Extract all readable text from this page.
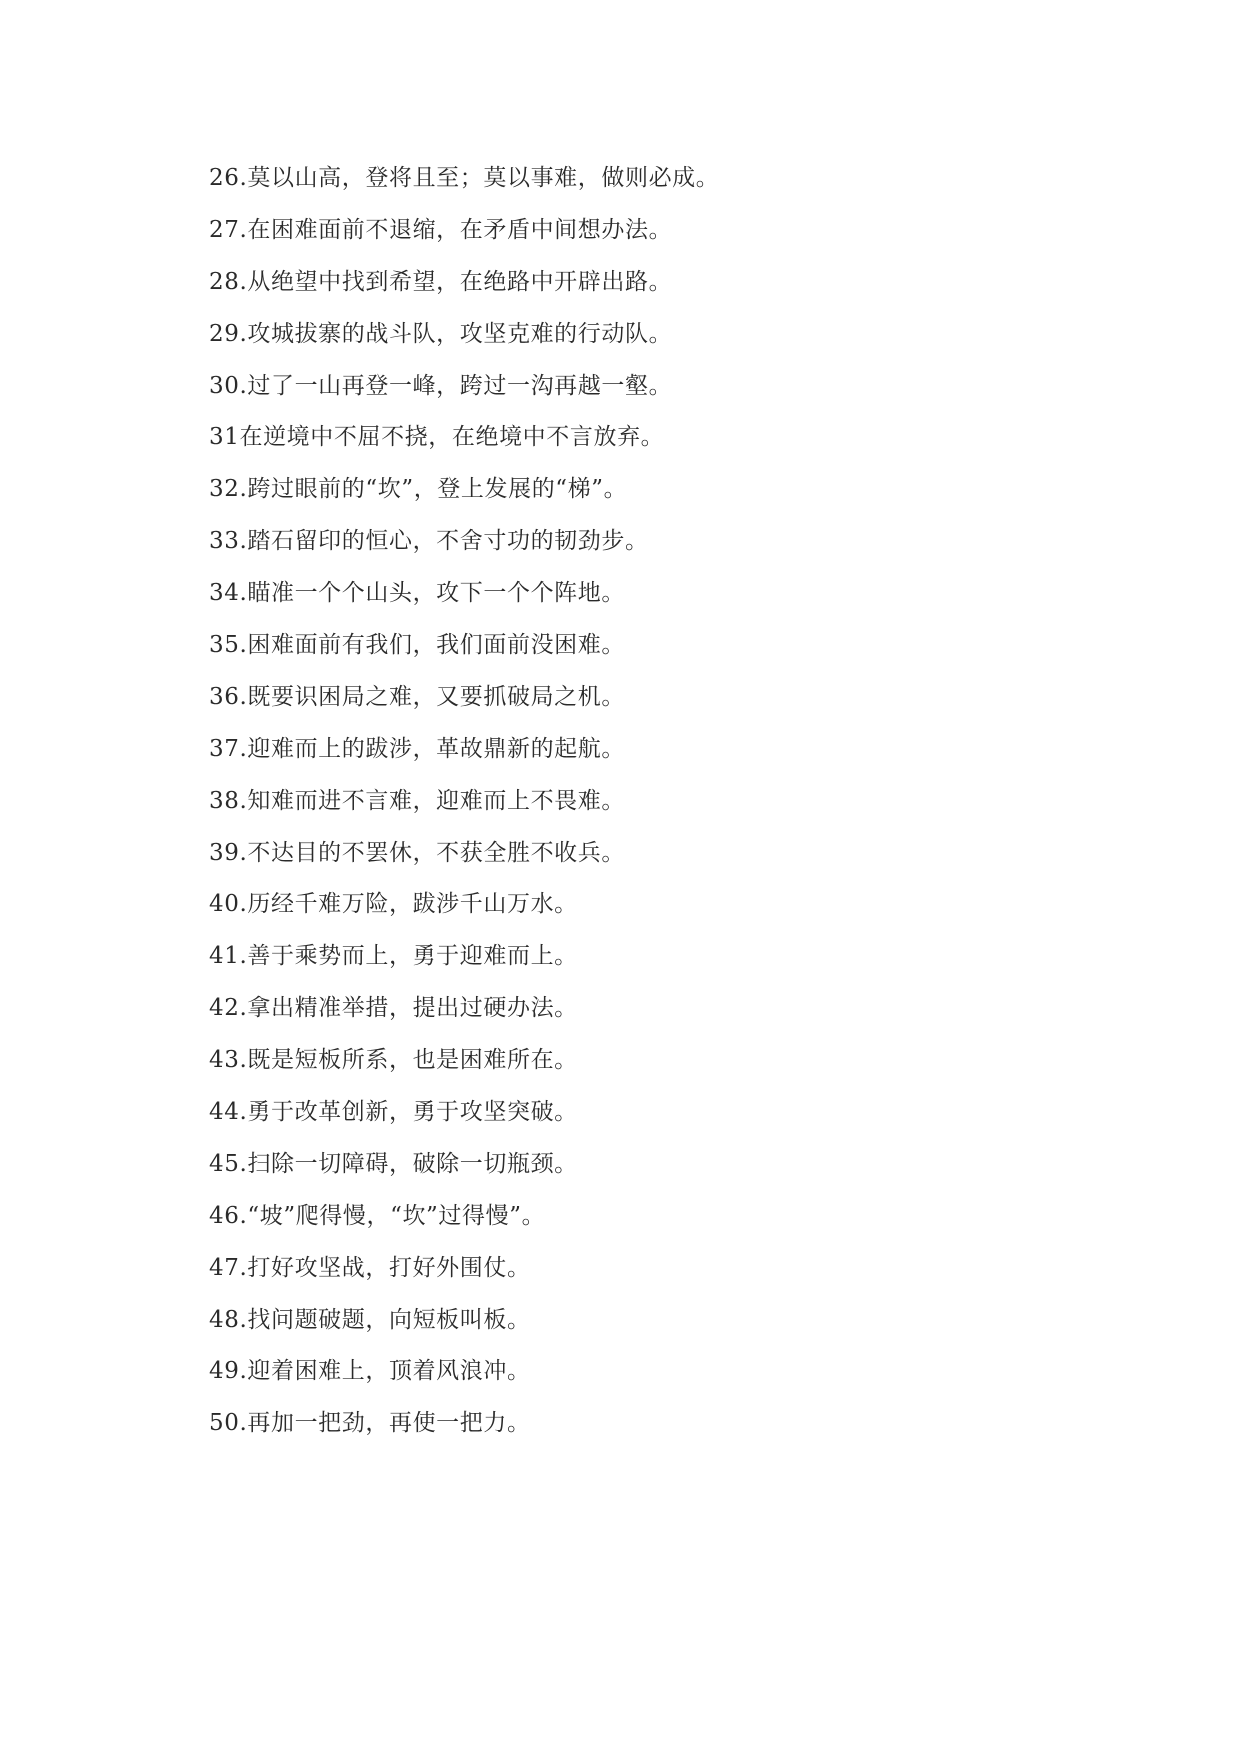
26.莫以山高，登将且至；莫以事难，做则必成。
27.在困难面前不退缩，在矛盾中间想办法。
28.从绝望中找到希望，在绝路中开辟出路。
29.攻城拔寨的战斗队，攻坚克难的行动队。
30.过了一山再登一峰，跨过一沟再越一壑。
31在逆境中不屈不挠，在绝境中不言放弃。
32.跨过眼前的“坎”，登上发展的“梯”。
33.踏石留印的恒心，不舍寸功的韧劲步。
34.瞄准一个个山头，攻下一个个阵地。
35.困难面前有我们，我们面前没困难。
36.既要识困局之难，又要抓破局之机。
37.迎难而上的跋涉，革故鼎新的起航。
38.知难而进不言难，迎难而上不畏难。
39.不达目的不罢休，不获全胜不收兵。
40.历经千难万险，跋涉千山万水。
41.善于乘势而上，勇于迎难而上。
42.拿出精准举措，提出过硬办法。
43.既是短板所系，也是困难所在。
44.勇于改革创新，勇于攻坚突破。
45.扫除一切障碍，破除一切瓶颈。
46.“坡”爬得慢，“坎”过得慢”。
47.打好攻坚战，打好外围仗。
48.找问题破题，向短板叫板。
49.迎着困难上，顶着风浪冲。
50.再加一把劲，再使一把力。
